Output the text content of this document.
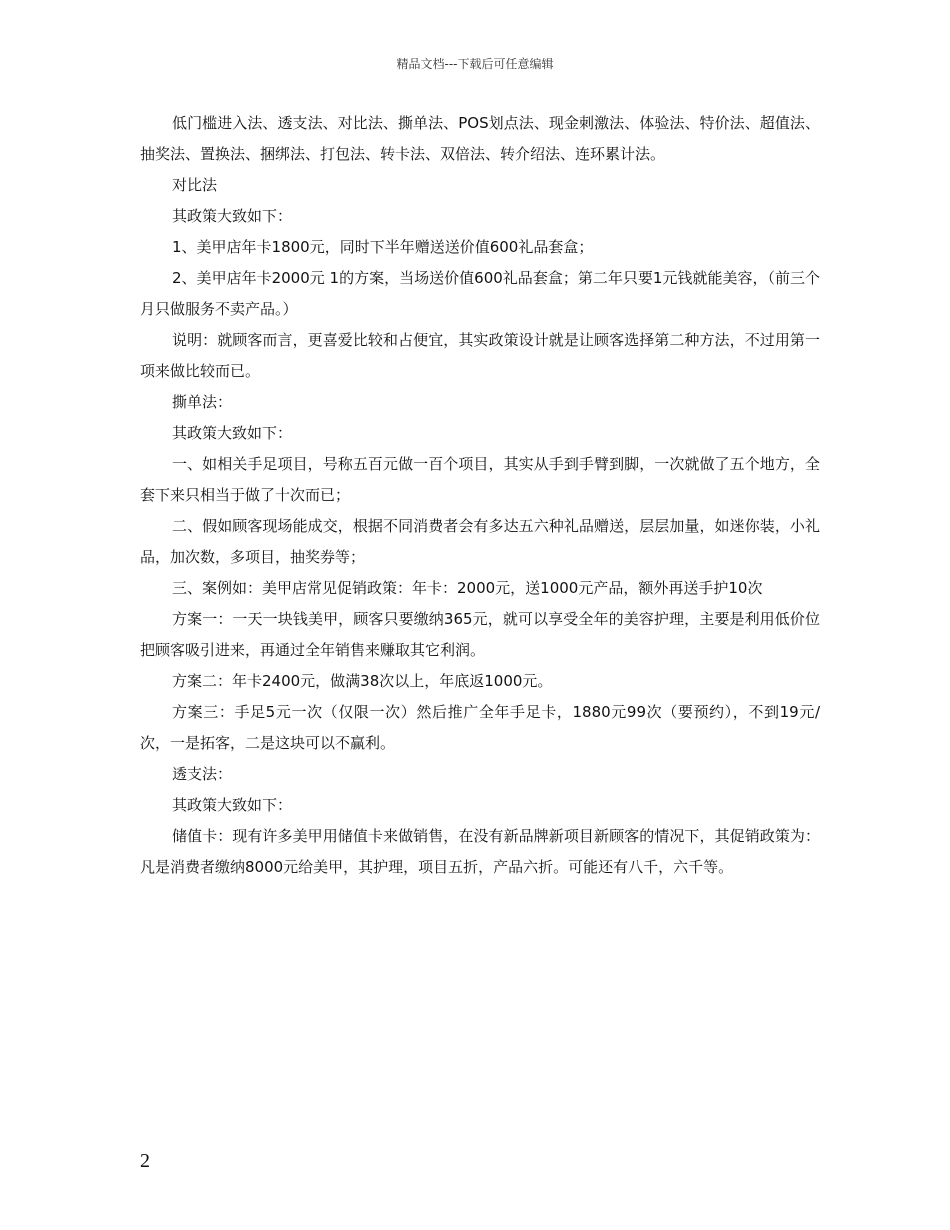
精品文档---下载后可任意编辑

低门槛进入法、透支法、对比法、撕单法、POS划点法、现金刺激法、体验法、特价法、超值法、抽奖法、置换法、捆绑法、打包法、转卡法、双倍法、转介绍法、连环累计法。

对比法

其政策大致如下：

1、美甲店年卡1800元，同时下半年赠送送价值600礼品套盒；

2、美甲店年卡2000元 1的方案，当场送价值600礼品套盒；第二年只要1元钱就能美容，（前三个月只做服务不卖产品。）

说明：就顾客而言，更喜爱比较和占便宜，其实政策设计就是让顾客选择第二种方法，不过用第一项来做比较而已。

撕单法：

其政策大致如下：

一、如相关手足项目，号称五百元做一百个项目，其实从手到手臂到脚，一次就做了五个地方，全套下来只相当于做了十次而已；

二、假如顾客现场能成交，根据不同消费者会有多达五六种礼品赠送，层层加量，如迷你装，小礼品，加次数，多项目，抽奖券等；

三、案例如：美甲店常见促销政策：年卡：2000元，送1000元产品，额外再送手护10次

方案一：一天一块钱美甲，顾客只要缴纳365元，就可以享受全年的美容护理，主要是利用低价位把顾客吸引进来，再通过全年销售来赚取其它利润。

方案二：年卡2400元，做满38次以上，年底返1000元。

方案三：手足5元一次（仅限一次）然后推广全年手足卡，1880元99次（要预约），不到19元/次，一是拓客，二是这块可以不赢利。

透支法：

其政策大致如下：

储值卡：现有许多美甲用储值卡来做销售，在没有新品牌新项目新顾客的情况下，其促销政策为：凡是消费者缴纳8000元给美甲，其护理，项目五折，产品六折。可能还有八千，六千等。

2
